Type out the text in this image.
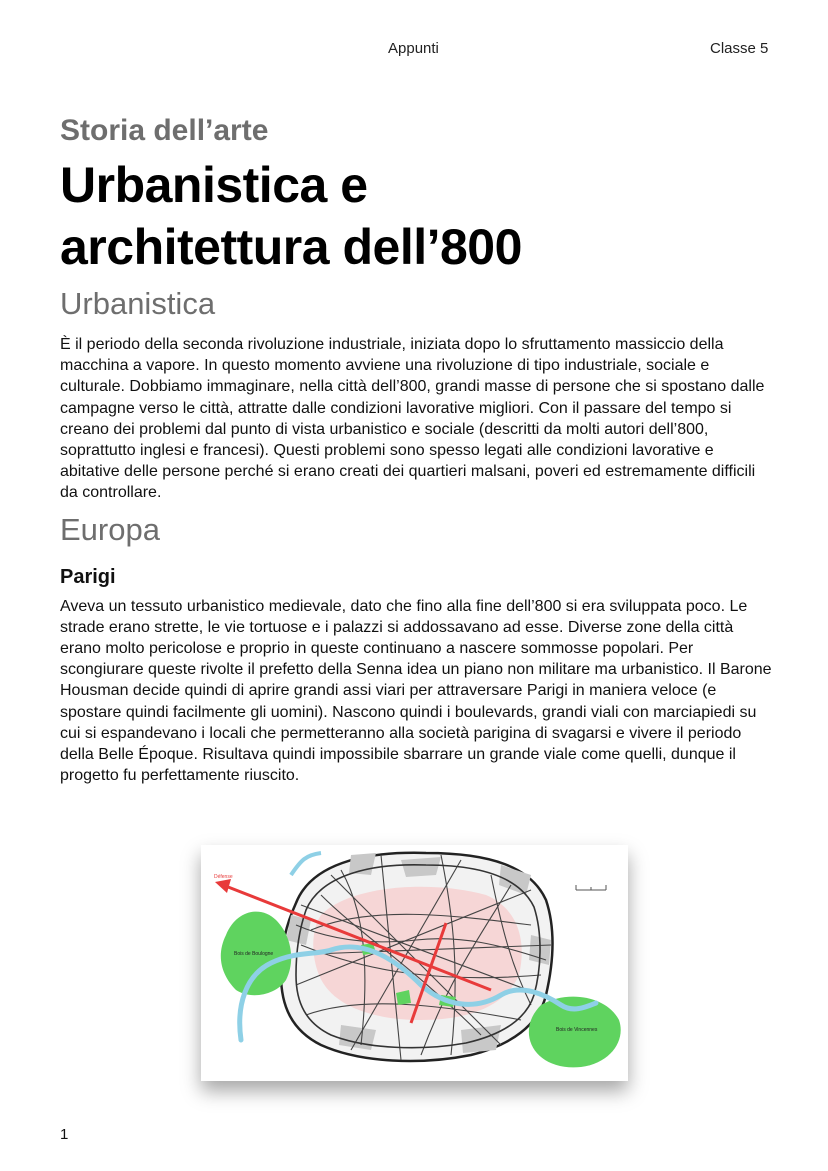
Appunti	Classe 5
Storia dell’arte
Urbanistica e
architettura dell’800
Urbanistica

È il periodo della seconda rivoluzione industriale, iniziata dopo lo sfruttamento massiccio della macchina a vapore. In questo momento avviene una rivoluzione di tipo industriale, sociale e culturale. Dobbiamo immaginare, nella città dell’800, grandi masse di persone che si spostano dalle campagne verso le città, attratte dalle condizioni lavorative migliori. Con il passare del tempo si creano dei problemi dal punto di vista urbanistico e sociale (descritti da molti autori dell’800, soprattutto inglesi e francesi). Questi problemi sono spesso legati alle condizioni lavorative e abitative delle persone perché si erano creati dei quartieri malsani, poveri ed estremamente difficili da controllare.

Europa
Parigi

Aveva un tessuto urbanistico medievale, dato che fino alla fine dell’800 si era sviluppata poco. Le strade erano strette, le vie tortuose e i palazzi si addossavano ad esse. Diverse zone della città erano molto pericolose e proprio in queste continuano a nascere sommosse popolari. Per scongiurare queste rivolte il prefetto della Senna idea un piano non militare ma urbanistico. Il Barone Housman decide quindi di aprire grandi assi viari per attraversare Parigi in maniera veloce (e spostare quindi facilmente gli uomini). Nascono quindi i boulevards, grandi viali con marciapiedi su cui si espandevano i locali che permetteranno alla società parigina di svagarsi e vivere il periodo della Belle Époque. Risultava quindi impossibile sbarrare un grande viale come quelli, dunque il progetto fu perfettamente riuscito.

Défense
Bois de Boulogne
Bois de Vincennes
1
